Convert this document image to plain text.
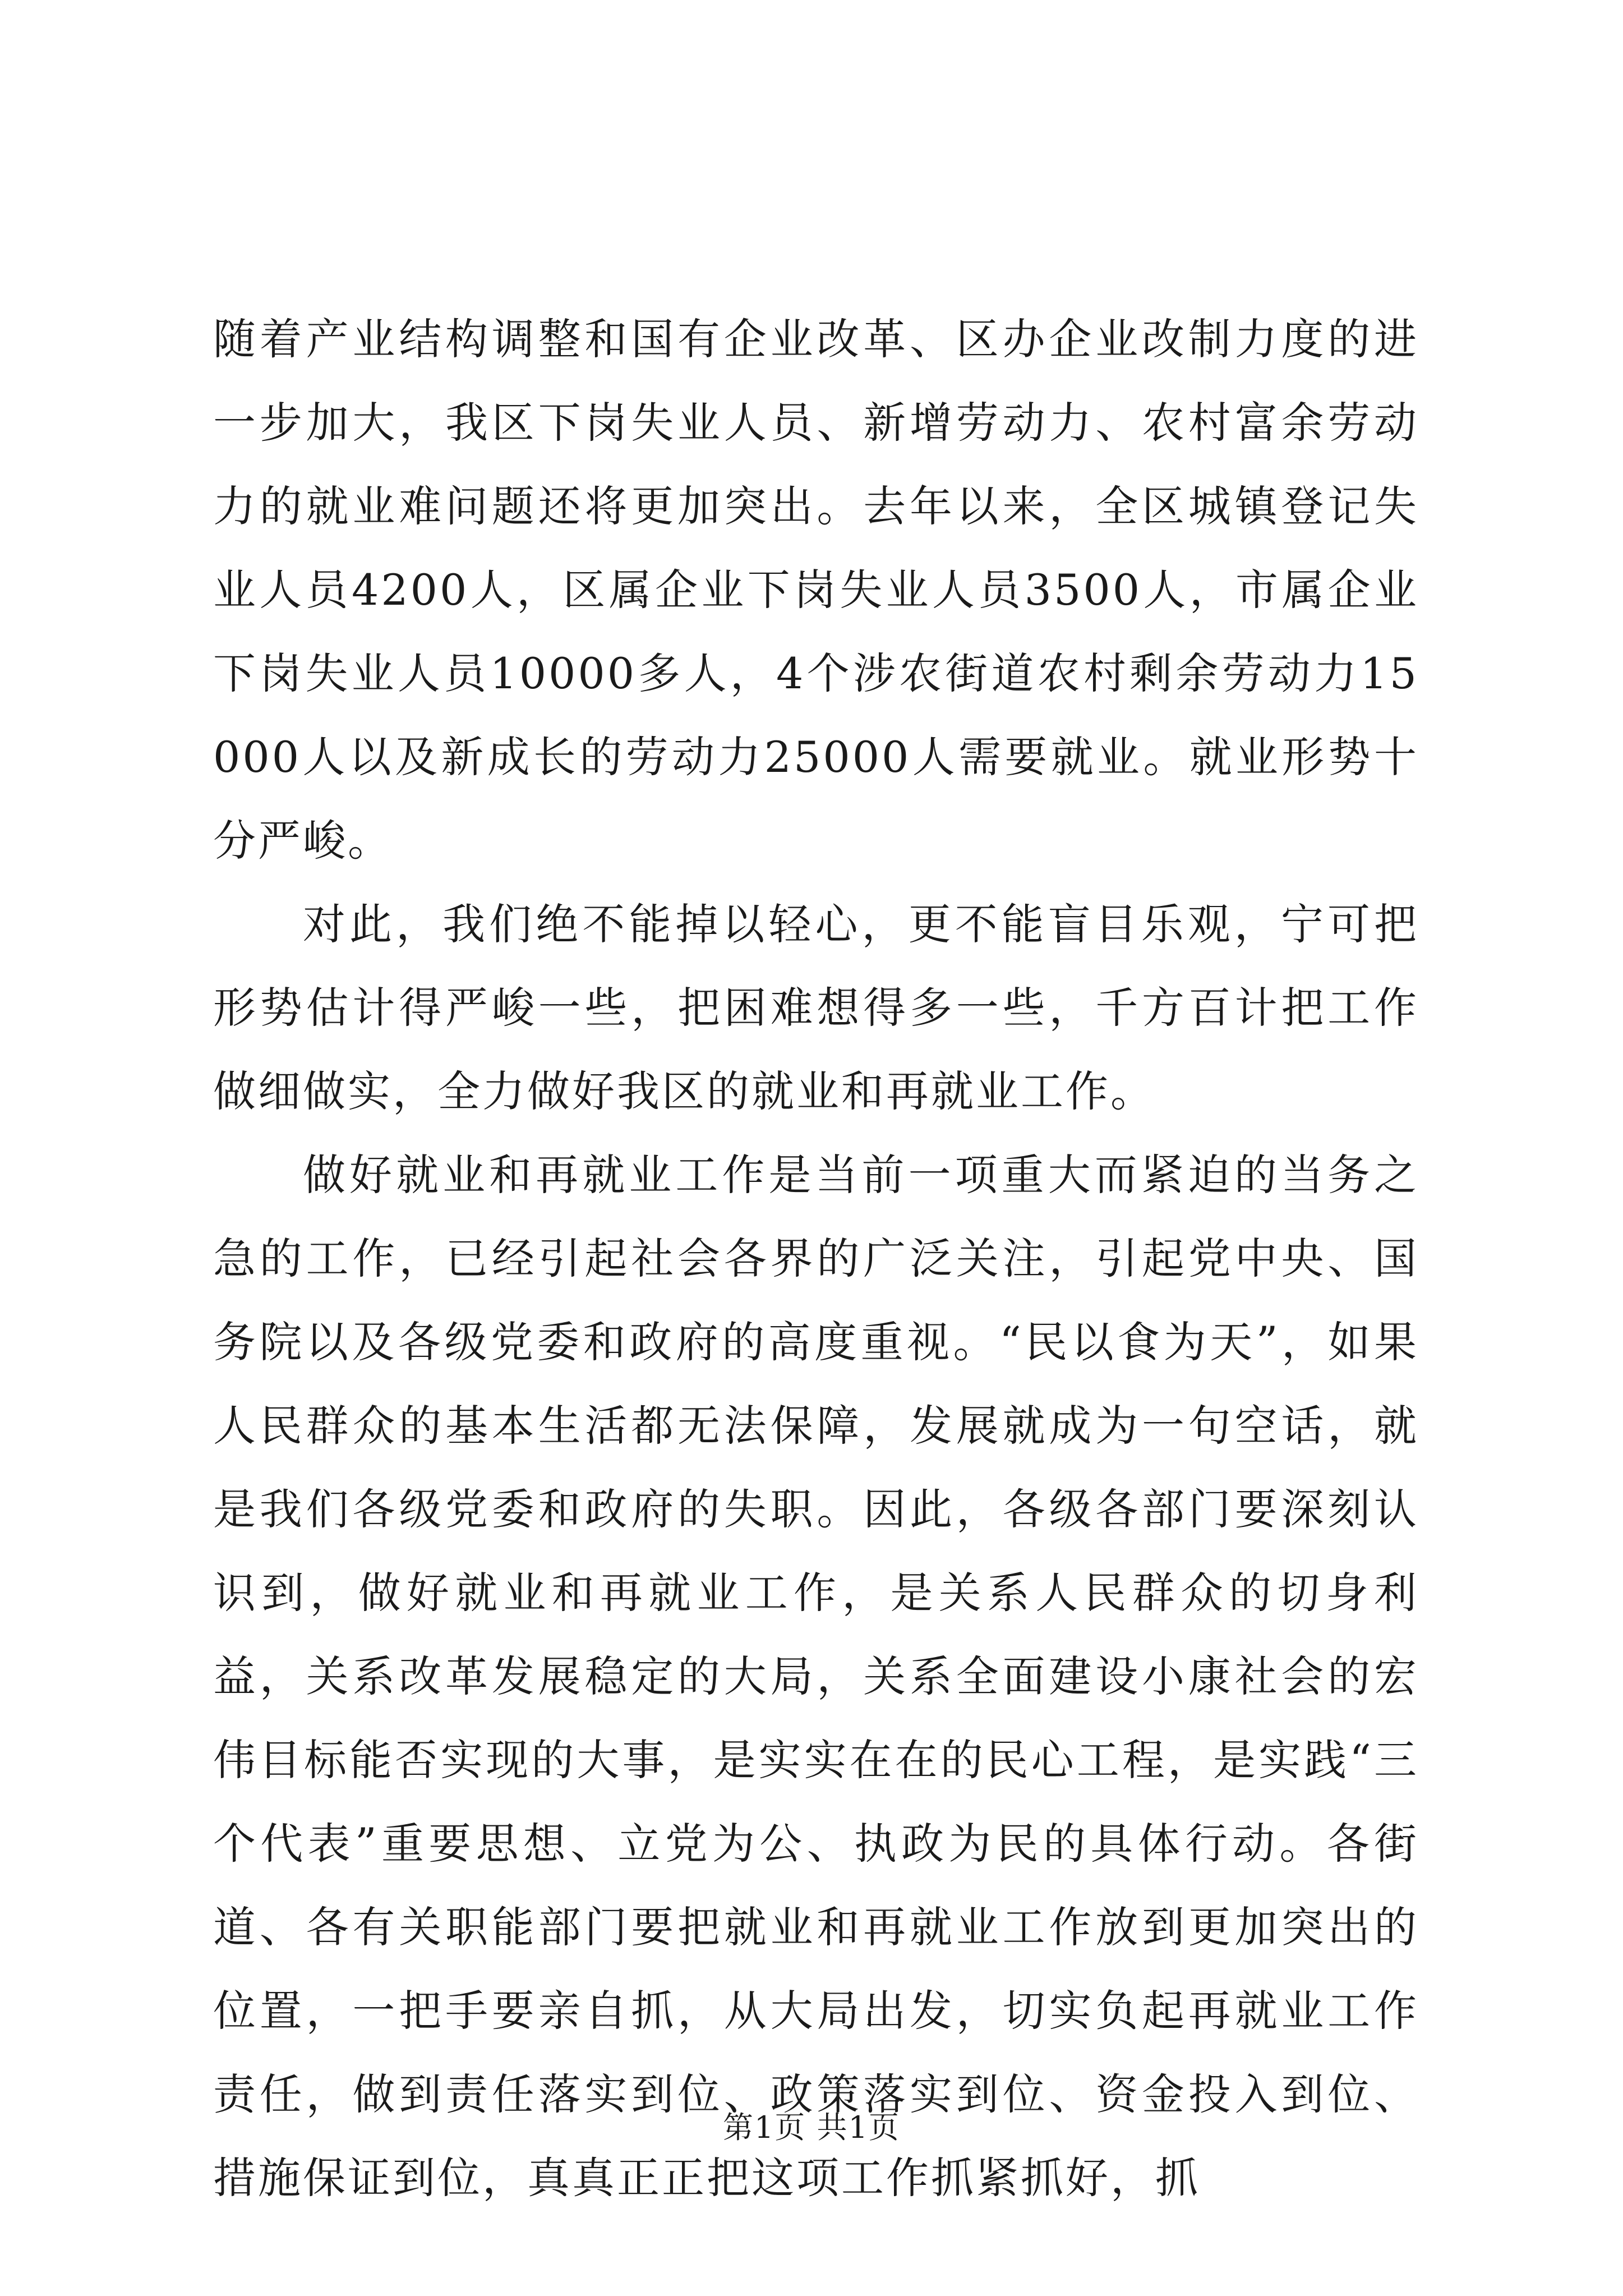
随着产业结构调整和国有企业改革、区办企业改制力度的进一步加大，我区下岗失业人员、新增劳动力、农村富余劳动力的就业难问题还将更加突出。去年以来，全区城镇登记失业人员4200人，区属企业下岗失业人员3500人，市属企业下岗失业人员10000多人，4个涉农街道农村剩余劳动力15000人以及新成长的劳动力25000人需要就业。就业形势十分严峻。

对此，我们绝不能掉以轻心，更不能盲目乐观，宁可把形势估计得严峻一些，把困难想得多一些，千方百计把工作做细做实，全力做好我区的就业和再就业工作。

做好就业和再就业工作是当前一项重大而紧迫的当务之急的工作，已经引起社会各界的广泛关注，引起党中央、国务院以及各级党委和政府的高度重视。“民以食为天”，如果人民群众的基本生活都无法保障，发展就成为一句空话，就是我们各级党委和政府的失职。因此，各级各部门要深刻认识到，做好就业和再就业工作，是关系人民群众的切身利益，关系改革发展稳定的大局，关系全面建设小康社会的宏伟目标能否实现的大事，是实实在在的民心工程，是实践“三个代表”重要思想、立党为公、执政为民的具体行动。各街道、各有关职能部门要把就业和再就业工作放到更加突出的位置，一把手要亲自抓，从大局出发，切实负起再就业工作责任，做到责任落实到位、政策落实到位、资金投入到位、措施保证到位，真真正正把这项工作抓紧抓好，抓

第1页 共1页
